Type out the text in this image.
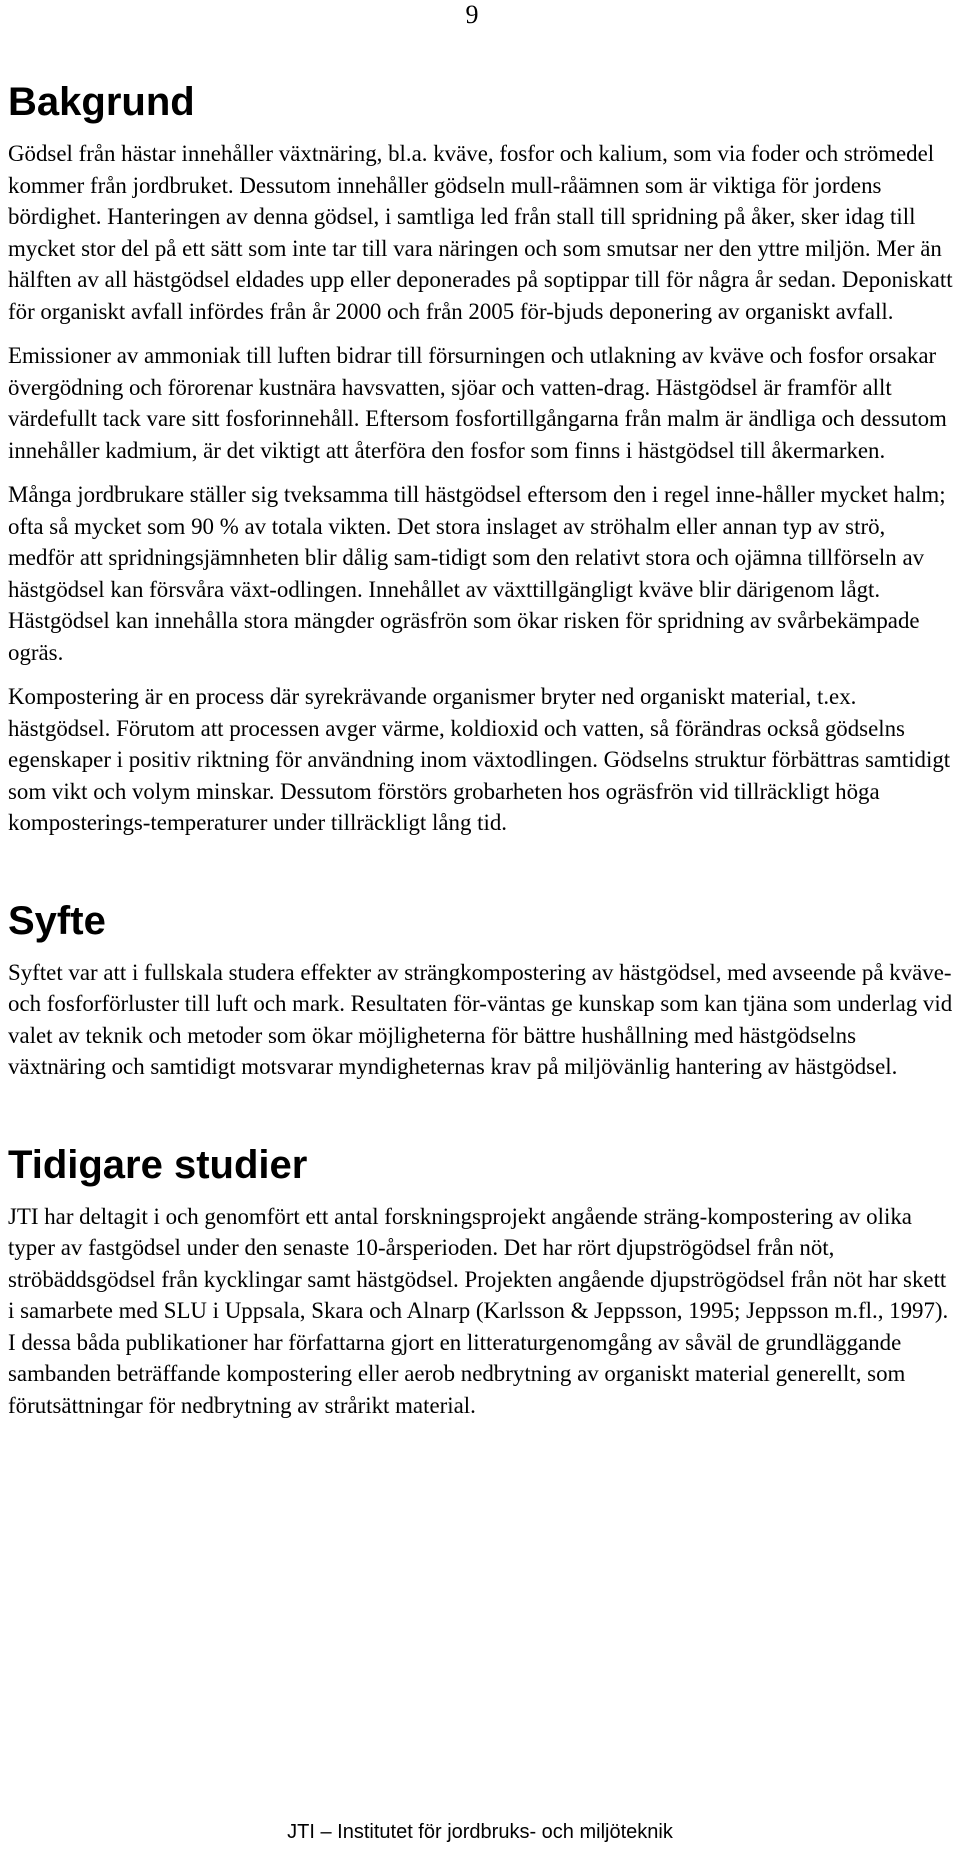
9
Bakgrund

Gödsel från hästar innehåller växtnäring, bl.a. kväve, fosfor och kalium, som via foder och strömedel kommer från jordbruket. Dessutom innehåller gödseln mull-råämnen som är viktiga för jordens bördighet. Hanteringen av denna gödsel, i samtliga led från stall till spridning på åker, sker idag till mycket stor del på ett sätt som inte tar till vara näringen och som smutsar ner den yttre miljön. Mer än hälften av all hästgödsel eldades upp eller deponerades på soptippar till för några år sedan. Deponiskatt för organiskt avfall infördes från år 2000 och från 2005 för-bjuds deponering av organiskt avfall.

Emissioner av ammoniak till luften bidrar till försurningen och utlakning av kväve och fosfor orsakar övergödning och förorenar kustnära havsvatten, sjöar och vatten-drag. Hästgödsel är framför allt värdefullt tack vare sitt fosforinnehåll. Eftersom fosfortillgångarna från malm är ändliga och dessutom innehåller kadmium, är det viktigt att återföra den fosfor som finns i hästgödsel till åkermarken.

Många jordbrukare ställer sig tveksamma till hästgödsel eftersom den i regel inne-håller mycket halm; ofta så mycket som 90 % av totala vikten. Det stora inslaget av ströhalm eller annan typ av strö, medför att spridningsjämnheten blir dålig sam-tidigt som den relativt stora och ojämna tillförseln av hästgödsel kan försvåra växt-odlingen. Innehållet av växttillgängligt kväve blir därigenom lågt. Hästgödsel kan innehålla stora mängder ogräsfrön som ökar risken för spridning av svårbekämpade ogräs.

Kompostering är en process där syrekrävande organismer bryter ned organiskt material, t.ex. hästgödsel. Förutom att processen avger värme, koldioxid och vatten, så förändras också gödselns egenskaper i positiv riktning för användning inom växtodlingen. Gödselns struktur förbättras samtidigt som vikt och volym minskar. Dessutom förstörs grobarheten hos ogräsfrön vid tillräckligt höga komposterings-temperaturer under tillräckligt lång tid.

Syfte

Syftet var att i fullskala studera effekter av strängkompostering av hästgödsel, med avseende på kväve- och fosforförluster till luft och mark. Resultaten för-väntas ge kunskap som kan tjäna som underlag vid valet av teknik och metoder som ökar möjligheterna för bättre hushållning med hästgödselns växtnäring och samtidigt motsvarar myndigheternas krav på miljövänlig hantering av hästgödsel.

Tidigare studier

JTI har deltagit i och genomfört ett antal forskningsprojekt angående sträng-kompostering av olika typer av fastgödsel under den senaste 10-årsperioden. Det har rört djupströgödsel från nöt, ströbäddsgödsel från kycklingar samt hästgödsel. Projekten angående djupströgödsel från nöt har skett i samarbete med SLU i Uppsala, Skara och Alnarp (Karlsson & Jeppsson, 1995; Jeppsson m.fl., 1997). I dessa båda publikationer har författarna gjort en litteraturgenomgång av såväl de grundläggande sambanden beträffande kompostering eller aerob nedbrytning av organiskt material generellt, som förutsättningar för nedbrytning av strårikt material.

JTI – Institutet för jordbruks- och miljöteknik
